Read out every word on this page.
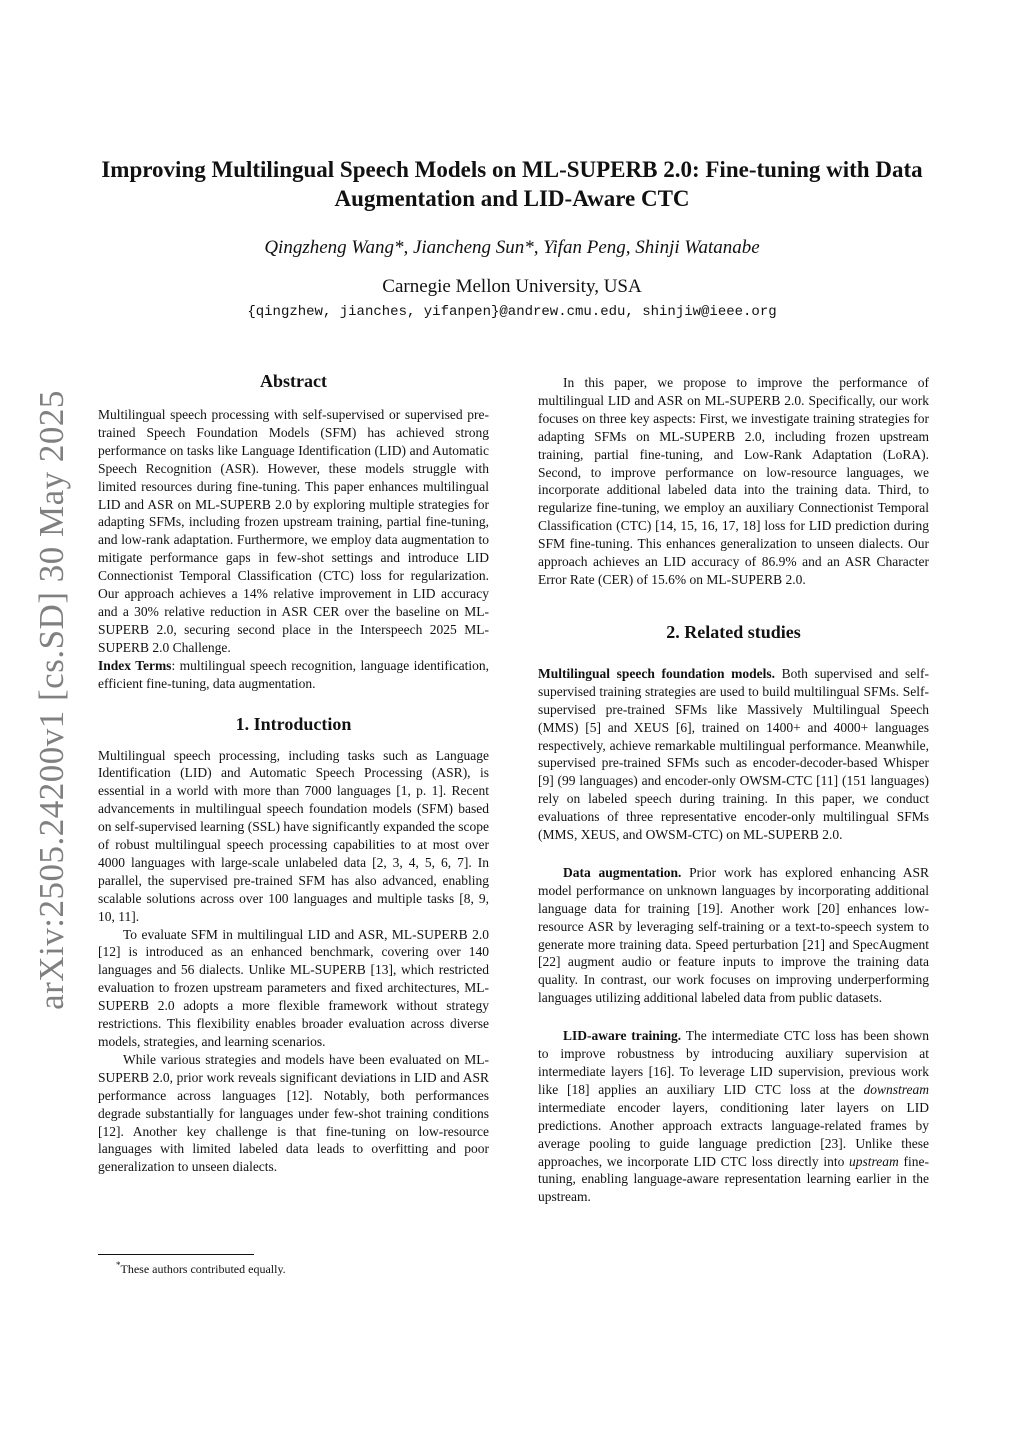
arXiv:2505.24200v1 [cs.SD] 30 May 2025
Improving Multilingual Speech Models on ML-SUPERB 2.0: Fine-tuning with Data Augmentation and LID-Aware CTC
Qingzheng Wang*, Jiancheng Sun*, Yifan Peng, Shinji Watanabe
Carnegie Mellon University, USA
{qingzhew, jianches, yifanpen}@andrew.cmu.edu, shinjiw@ieee.org
Abstract

Multilingual speech processing with self-supervised or supervised pre-trained Speech Foundation Models (SFM) has achieved strong performance on tasks like Language Identification (LID) and Automatic Speech Recognition (ASR). However, these models struggle with limited resources during fine-tuning. This paper enhances multilingual LID and ASR on ML-SUPERB 2.0 by exploring multiple strategies for adapting SFMs, including frozen upstream training, partial fine-tuning, and low-rank adaptation. Furthermore, we employ data augmentation to mitigate performance gaps in few-shot settings and introduce LID Connectionist Temporal Classification (CTC) loss for regularization. Our approach achieves a 14% relative improvement in LID accuracy and a 30% relative reduction in ASR CER over the baseline on ML-SUPERB 2.0, securing second place in the Interspeech 2025 ML-SUPERB 2.0 Challenge.

Index Terms: multilingual speech recognition, language identification, efficient fine-tuning, data augmentation.

1. Introduction

Multilingual speech processing, including tasks such as Language Identification (LID) and Automatic Speech Processing (ASR), is essential in a world with more than 7000 languages [1, p. 1]. Recent advancements in multilingual speech foundation models (SFM) based on self-supervised learning (SSL) have significantly expanded the scope of robust multilingual speech processing capabilities to at most over 4000 languages with large-scale unlabeled data [2, 3, 4, 5, 6, 7]. In parallel, the supervised pre-trained SFM has also advanced, enabling scalable solutions across over 100 languages and multiple tasks [8, 9, 10, 11].

To evaluate SFM in multilingual LID and ASR, ML-SUPERB 2.0 [12] is introduced as an enhanced benchmark, covering over 140 languages and 56 dialects. Unlike ML-SUPERB [13], which restricted evaluation to frozen upstream parameters and fixed architectures, ML-SUPERB 2.0 adopts a more flexible framework without strategy restrictions. This flexibility enables broader evaluation across diverse models, strategies, and learning scenarios.

While various strategies and models have been evaluated on ML-SUPERB 2.0, prior work reveals significant deviations in LID and ASR performance across languages [12]. Notably, both performances degrade substantially for languages under few-shot training conditions [12]. Another key challenge is that fine-tuning on low-resource languages with limited labeled data leads to overfitting and poor generalization to unseen dialects.

*These authors contributed equally.

In this paper, we propose to improve the performance of multilingual LID and ASR on ML-SUPERB 2.0. Specifically, our work focuses on three key aspects: First, we investigate training strategies for adapting SFMs on ML-SUPERB 2.0, including frozen upstream training, partial fine-tuning, and Low-Rank Adaptation (LoRA). Second, to improve performance on low-resource languages, we incorporate additional labeled data into the training data. Third, to regularize fine-tuning, we employ an auxiliary Connectionist Temporal Classification (CTC) [14, 15, 16, 17, 18] loss for LID prediction during SFM fine-tuning. This enhances generalization to unseen dialects. Our approach achieves an LID accuracy of 86.9% and an ASR Character Error Rate (CER) of 15.6% on ML-SUPERB 2.0.

2. Related studies

Multilingual speech foundation models. Both supervised and self-supervised training strategies are used to build multilingual SFMs. Self-supervised pre-trained SFMs like Massively Multilingual Speech (MMS) [5] and XEUS [6], trained on 1400+ and 4000+ languages respectively, achieve remarkable multilingual performance. Meanwhile, supervised pre-trained SFMs such as encoder-decoder-based Whisper [9] (99 languages) and encoder-only OWSM-CTC [11] (151 languages) rely on labeled speech during training. In this paper, we conduct evaluations of three representative encoder-only multilingual SFMs (MMS, XEUS, and OWSM-CTC) on ML-SUPERB 2.0.

Data augmentation. Prior work has explored enhancing ASR model performance on unknown languages by incorporating additional language data for training [19]. Another work [20] enhances low-resource ASR by leveraging self-training or a text-to-speech system to generate more training data. Speed perturbation [21] and SpecAugment [22] augment audio or feature inputs to improve the training data quality. In contrast, our work focuses on improving underperforming languages utilizing additional labeled data from public datasets.

LID-aware training. The intermediate CTC loss has been shown to improve robustness by introducing auxiliary supervision at intermediate layers [16]. To leverage LID supervision, previous work like [18] applies an auxiliary LID CTC loss at the downstream intermediate encoder layers, conditioning later layers on LID predictions. Another approach extracts language-related frames by average pooling to guide language prediction [23]. Unlike these approaches, we incorporate LID CTC loss directly into upstream fine-tuning, enabling language-aware representation learning earlier in the upstream.
